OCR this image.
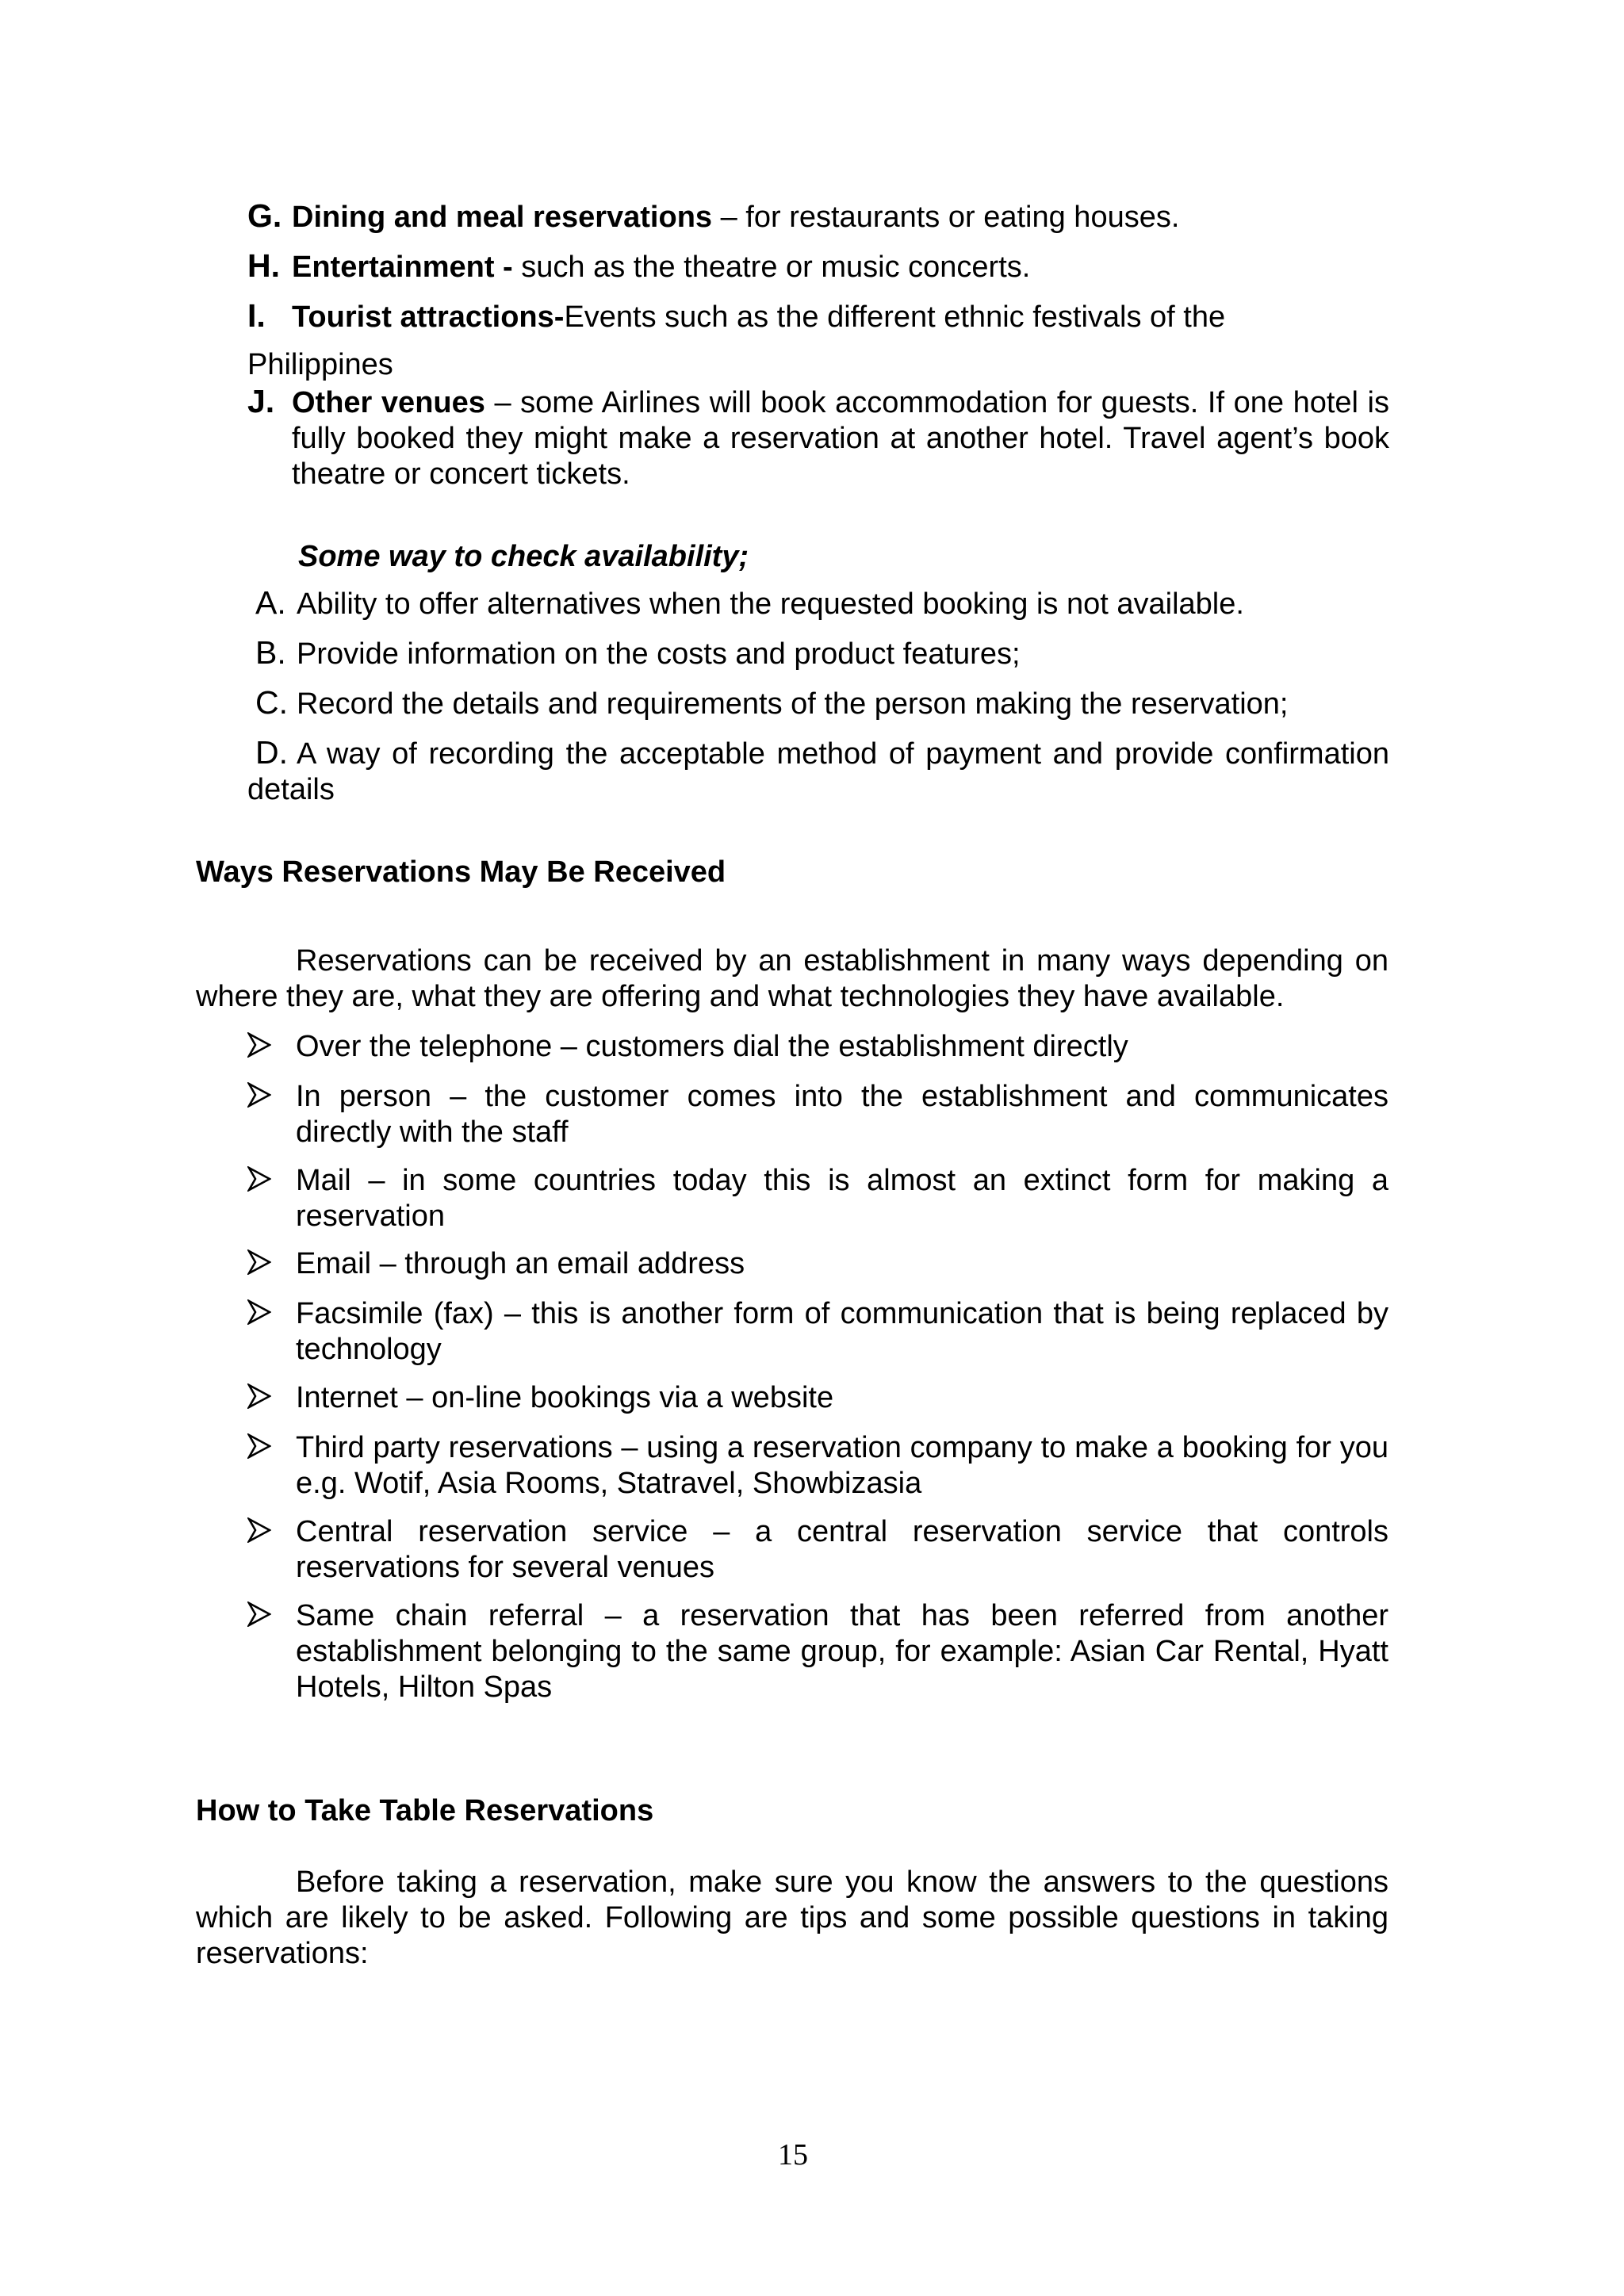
G. Dining and meal reservations – for restaurants or eating houses.
H. Entertainment - such as the theatre or music concerts.
I. Tourist attractions-Events such as the different ethnic festivals of the
Philippines
J. Other venues – some Airlines will book accommodation for guests. If one hotel is fully booked they might make a reservation at another hotel. Travel agent’s book theatre or concert tickets.
Some way to check availability;
A. Ability to offer alternatives when the requested booking is not available.
B. Provide information on the costs and product features;
C. Record the details and requirements of the person making the reservation;
D. A way of recording the acceptable method of payment and provide confirmation
details
Ways Reservations May Be Received
Reservations can be received by an establishment in many ways depending on where they are, what they are offering and what technologies they have available.
Over the telephone – customers dial the establishment directly
In person – the customer comes into the establishment and communicates directly with the staff
Mail – in some countries today this is almost an extinct form for making a reservation
Email – through an email address
Facsimile (fax) – this is another form of communication that is being replaced by technology
Internet – on-line bookings via a website
Third party reservations – using a reservation company to make a booking for you e.g. Wotif, Asia Rooms, Statravel, Showbizasia
Central reservation service – a central reservation service that controls reservations for several venues
Same chain referral – a reservation that has been referred from another establishment belonging to the same group, for example: Asian Car Rental, Hyatt Hotels, Hilton Spas
How to Take Table Reservations
Before taking a reservation, make sure you know the answers to the questions which are likely to be asked. Following are tips and some possible questions in taking reservations:
15
